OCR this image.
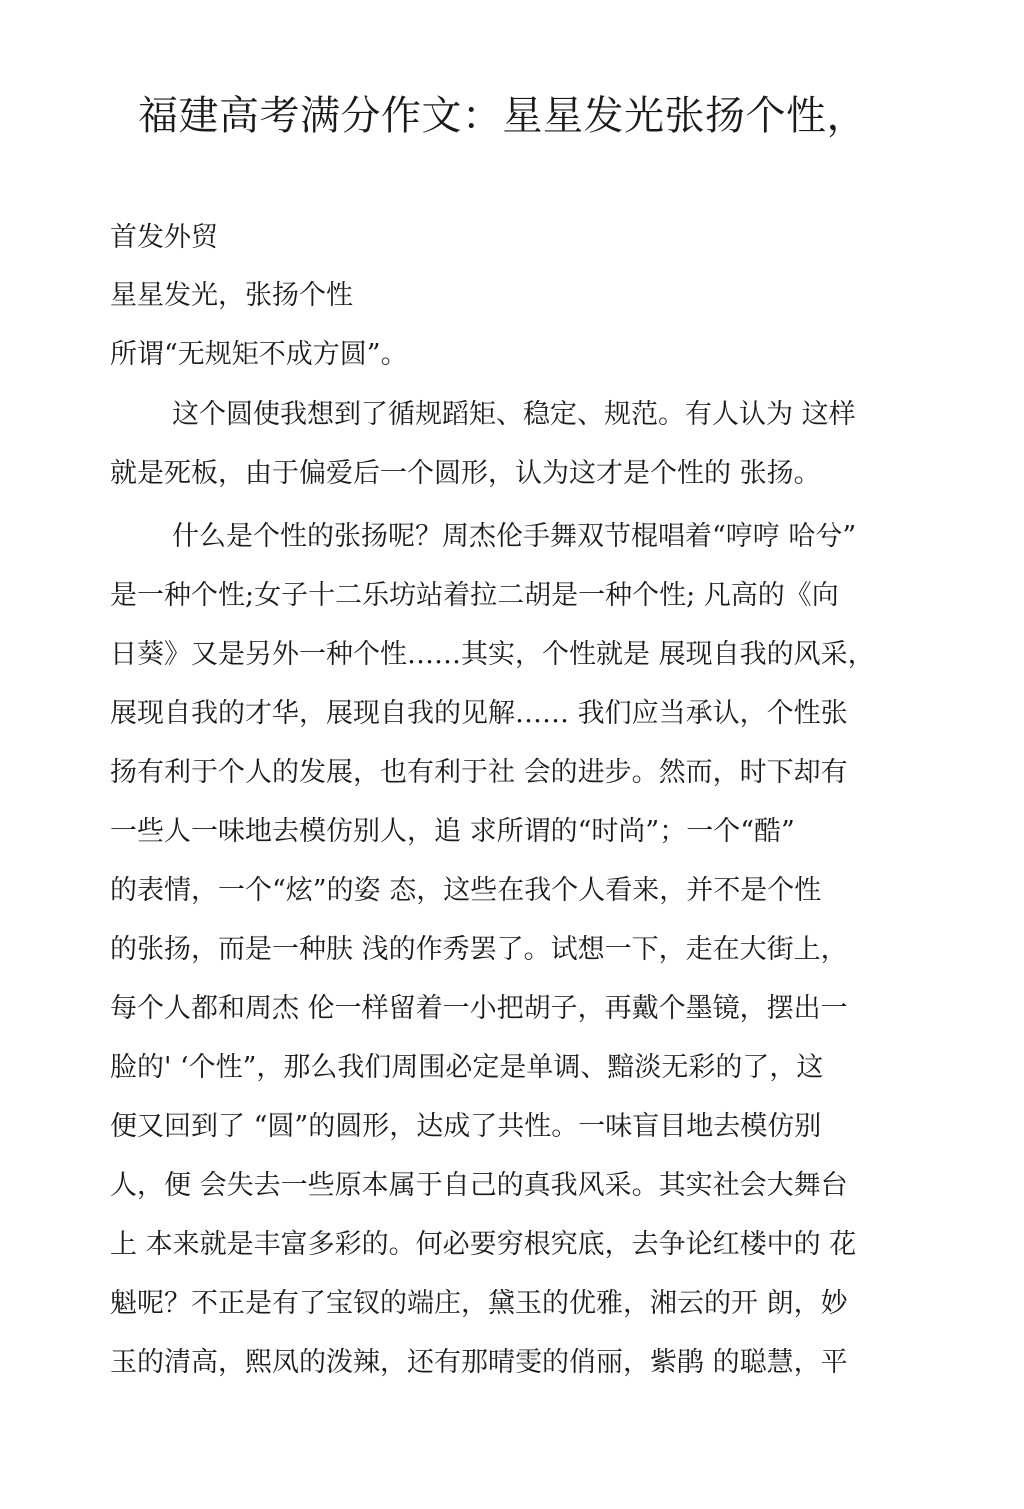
福建高考满分作文：星星发光张扬个性，
首发外贸
星星发光，张扬个性
所谓“无规矩不成方圆”。
这个圆使我想到了循规蹈矩、稳定、规范。有人认为 这样
就是死板，由于偏爱后一个圆形，认为这才是个性的 张扬。
什么是个性的张扬呢？周杰伦手舞双节棍唱着“哼哼 哈兮”
是一种个性;女子十二乐坊站着拉二胡是一种个性; 凡高的《向
日葵》又是另外一种个性……其实，个性就是 展现自我的风采，
展现自我的才华，展现自我的见解…… 我们应当承认，个性张
扬有利于个人的发展，也有利于社 会的进步。然而，时下却有
一些人一味地去模仿别人，追 求所谓的“时尚”；一个“酷”
的表情，一个“炫”的姿 态，这些在我个人看来，并不是个性
的张扬，而是一种肤 浅的作秀罢了。试想一下，走在大街上，
每个人都和周杰 伦一样留着一小把胡子，再戴个墨镜，摆出一
脸的' ‘个性”，那么我们周围必定是单调、黯淡无彩的了，这
便又回到了 “圆”的圆形，达成了共性。一味盲目地去模仿别
人，便 会失去一些原本属于自己的真我风采。其实社会大舞台
上 本来就是丰富多彩的。何必要穷根究底，去争论红楼中的 花
魁呢？不正是有了宝钗的端庄，黛玉的优雅，湘云的开 朗，妙
玉的清高，熙凤的泼辣，还有那晴雯的俏丽，紫鹃 的聪慧，平
